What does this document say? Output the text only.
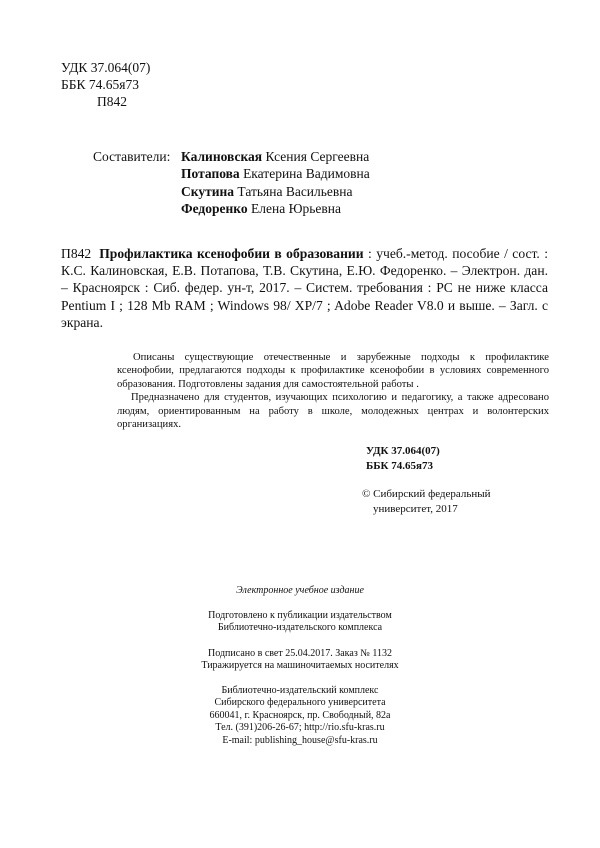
УДК 37.064(07)
ББК 74.65я73
П842
Составители: Калиновская Ксения Сергеевна
Потапова Екатерина Вадимовна
Скутина Татьяна Васильевна
Федоренко Елена Юрьевна
П842 Профилактика ксенофобии в образовании : учеб.-метод. пособие / сост. : К.С. Калиновская, Е.В. Потапова, Т.В. Скутина, Е.Ю. Федоренко. – Электрон. дан. – Красноярск : Сиб. федер. ун-т, 2017. – Систем. требования : PC не ниже класса Pentium I ; 128 Mb RAM ; Windows 98/ XP/7 ; Adobe Reader V8.0 и выше. – Загл. с экрана.

Описаны существующие отечественные и зарубежные подходы к профилактике ксенофобии, предлагаются подходы к профилактике ксенофобии в условиях современного образования. Подготовлены задания для самостоятельной работы .

Предназначено для студентов, изучающих психологию и педагогику, а также адресовано людям, ориентированным на работу в школе, молодежных центрах и волонтерских организациях.

УДК 37.064(07)
ББК 74.65я73
© Сибирский федеральный
университет, 2017
Электронное учебное издание
Подготовлено к публикации издательством
Библиотечно-издательского комплекса
Подписано в свет 25.04.2017. Заказ № 1132
Тиражируется на машиночитаемых носителях
Библиотечно-издательский комплекс
Сибирского федерального университета
660041, г. Красноярск, пр. Свободный, 82а
Тел. (391)206-26-67; http://rio.sfu-kras.ru
E-mail: publishing_house@sfu-kras.ru
